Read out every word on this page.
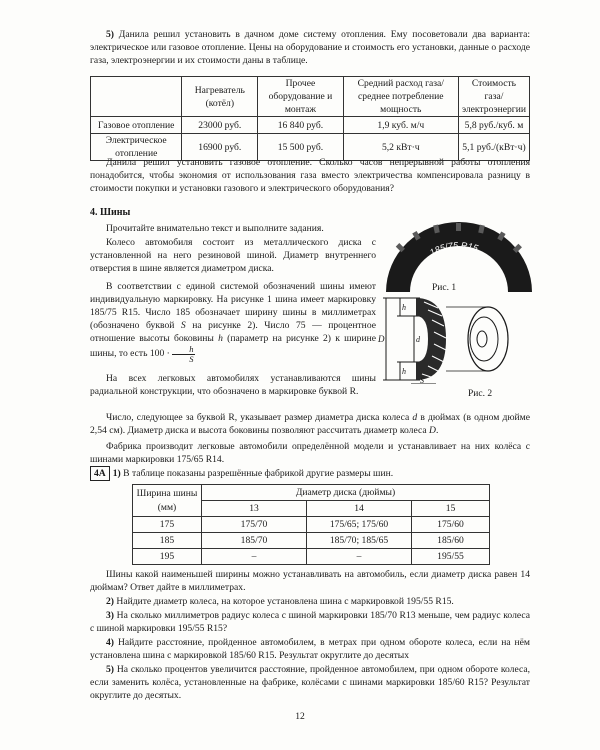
5) Данила решил установить в дачном доме систему отопления. Ему посоветовали два варианта: электрическое или газовое отопление. Цены на оборудование и стоимость его установки, данные о расходе газа, электроэнергии и их стоимости даны в таблице.

	Нагреватель (котёл)	Прочее оборудование и монтаж	Средний расход газа/ среднее потребление мощность	Стоимость газа/ электроэнергии
Газовое отопление	23000 руб.	16 840 руб.	1,9 куб. м/ч	5,8 руб./куб. м
Электрическое отопление	16900 руб.	15 500 руб.	5,2 кВт·ч	5,1 руб./(кВт·ч)

Данила решил установить газовое отопление. Сколько часов непрерывной работы отопления понадобится, чтобы экономия от использования газа вместо электричества компенсировала разницу в стоимости покупки и установки газового и электрического оборудования?

4. Шины

Прочитайте внимательно текст и выполните задания.

Колесо автомобиля состоит из металлического диска с установленной на него резиновой шиной. Диаметр внутреннего отверстия в шине является диаметром диска.

В соответствии с единой системой обозначений шины имеют индивидуальную маркировку. На рисунке 1 шина имеет маркировку 185/75 R15. Число 185 обозначает ширину шины в миллиметрах (обозначено буквой S на рисунке 2). Число 75 — процентное отношение высоты боковины h (параметр на рисунке 2) к ширине шины, то есть $100 \cdot \frac{h}{S}$

На всех легковых автомобилях устанавливаются шины радиальной конструкции, что обозначено в маркировке буквой R.

185/75 R15
Рис. 1
D
h
d
h
S
Рис. 2

Число, следующее за буквой R, указывает размер диаметра диска колеса d в дюймах (в одном дюйме 2,54 см). Диаметр диска и высота боковины позволяют рассчитать диаметр колеса D.

Фабрика производит легковые автомобили определённой модели и устанавливает на них колёса с шинами маркировки 175/65 R14.

4А 1) В таблице показаны разрешённые фабрикой другие размеры шин.

Ширина шины (мм)	Диаметр диска (дюймы)		
	13	14	15
175	175/70	175/65; 175/60	175/60
185	185/70	185/70; 185/65	185/60
195	–	–	195/55

Шины какой наименьшей ширины можно устанавливать на автомобиль, если диаметр диска равен 14 дюймам? Ответ дайте в миллиметрах.

2) Найдите диаметр колеса, на которое установлена шина с маркировкой 195/55 R15.

3) На сколько миллиметров радиус колеса с шиной маркировки 185/70 R13 меньше, чем радиус колеса с шиной маркировки 195/55 R15?

4) Найдите расстояние, пройденное автомобилем, в метрах при одном обороте колеса, если на нём установлена шина с маркировкой 185/60 R15. Результат округлите до десятых

5) На сколько процентов увеличится расстояние, пройденное автомобилем, при одном обороте колеса, если заменить колёса, установленные на фабрике, колёсами с шинами маркировки 185/60 R15? Результат округлите до десятых.

12
